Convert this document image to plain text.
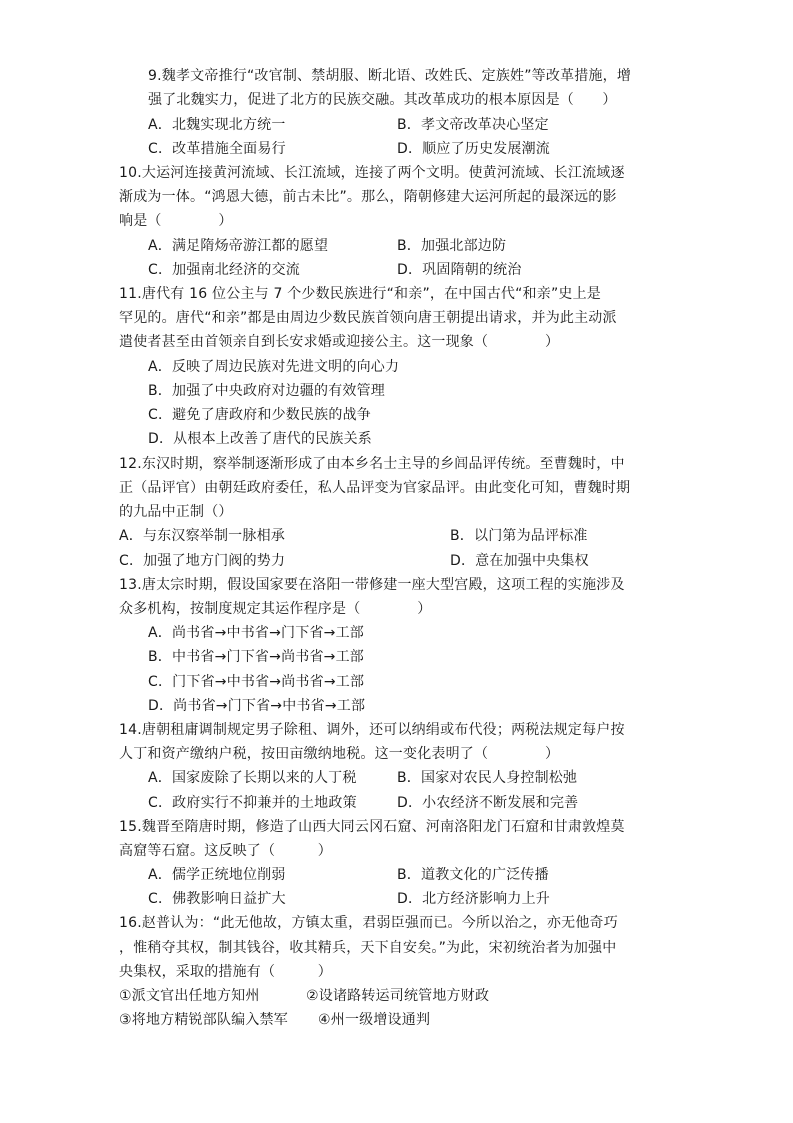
9.魏孝文帝推行“改官制、禁胡服、断北语、改姓氏、定族姓”等改革措施，增
强了北魏实力，促进了北方的民族交融。其改革成功的根本原因是（　　）
A．北魏实现北方统一	B．孝文帝改革决心坚定
C．改革措施全面易行	D．顺应了历史发展潮流
10.大运河连接黄河流域、长江流域，连接了两个文明。使黄河流域、长江流域逐
渐成为一体。“鸿恩大德，前古未比”。那么，隋朝修建大运河所起的最深远的影
响是（　　　　）
A．满足隋炀帝游江都的愿望	B．加强北部边防
C．加强南北经济的交流	D．巩固隋朝的统治
11.唐代有 16 位公主与 7 个少数民族进行“和亲”，在中国古代“和亲”史上是
罕见的。唐代“和亲”都是由周边少数民族首领向唐王朝提出请求，并为此主动派
遣使者甚至由首领亲自到长安求婚或迎接公主。这一现象（　　　　）
A．反映了周边民族对先进文明的向心力
B．加强了中央政府对边疆的有效管理
C．避免了唐政府和少数民族的战争
D．从根本上改善了唐代的民族关系
12.东汉时期，察举制逐渐形成了由本乡名士主导的乡闾品评传统。至曹魏时，中
正（品评官）由朝廷政府委任，私人品评变为官家品评。由此变化可知，曹魏时期
的九品中正制（）
A．与东汉察举制一脉相承	B．以门第为品评标准
C．加强了地方门阀的势力	D．意在加强中央集权
13.唐太宗时期，假设国家要在洛阳一带修建一座大型宫殿，这项工程的实施涉及
众多机构，按制度规定其运作程序是（　　　　）
A．尚书省→中书省→门下省→工部
B．中书省→门下省→尚书省→工部
C．门下省→中书省→尚书省→工部
D．尚书省→门下省→中书省→工部
14.唐朝租庸调制规定男子除租、调外，还可以纳绢或布代役；两税法规定每户按
人丁和资产缴纳户税，按田亩缴纳地税。这一变化表明了（　　　　）
A．国家废除了长期以来的人丁税	B．国家对农民人身控制松弛
C．政府实行不抑兼并的土地政策	D．小农经济不断发展和完善
15.魏晋至隋唐时期，修造了山西大同云冈石窟、河南洛阳龙门石窟和甘肃敦煌莫
高窟等石窟。这反映了（　　　）
A．儒学正统地位削弱	B．道教文化的广泛传播
C．佛教影响日益扩大	D．北方经济影响力上升
16.赵普认为：“此无他故，方镇太重，君弱臣强而已。今所以治之，亦无他奇巧
，惟稍夺其权，制其钱谷，收其精兵，天下自安矣。”为此，宋初统治者为加强中
央集权，采取的措施有（　　　）
①派文官出任地方知州	②设诸路转运司统管地方财政
③将地方精锐部队编入禁军 ④州一级增设通判
